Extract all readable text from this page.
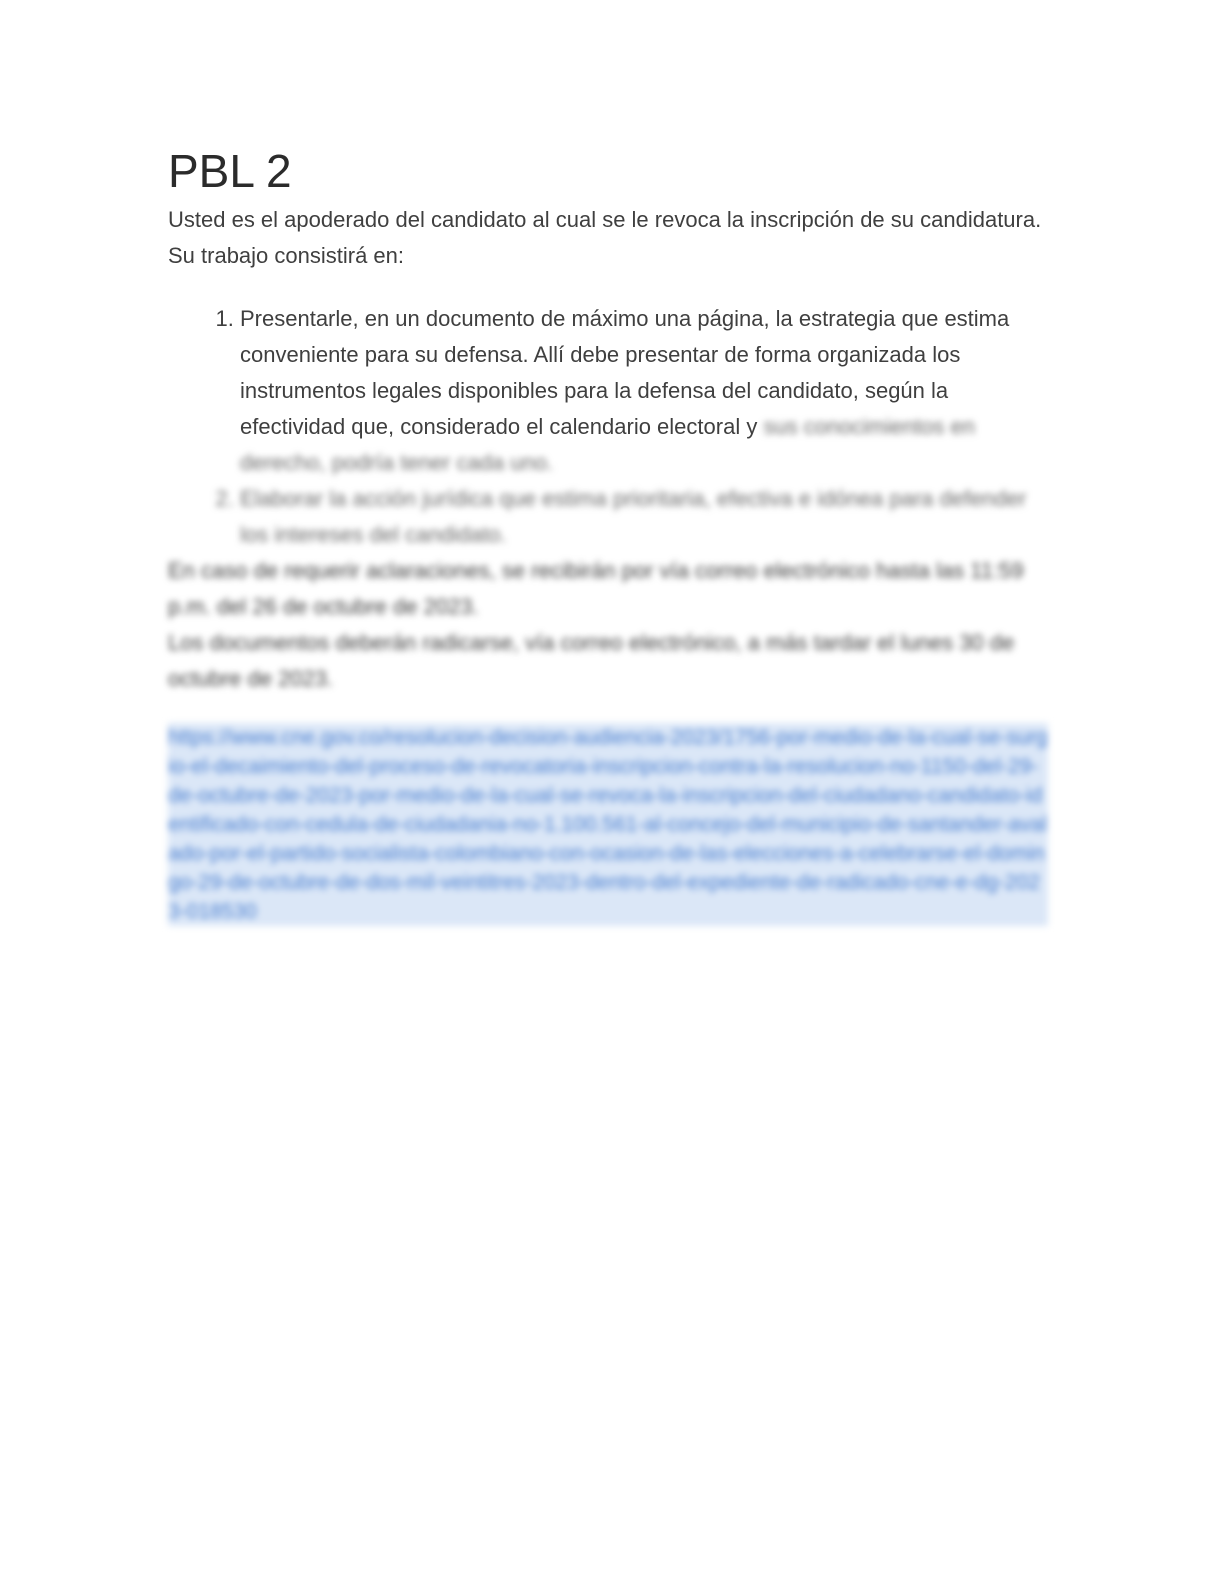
PBL 2

Usted es el apoderado del candidato al cual se le revoca la inscripción de su candidatura.

Su trabajo consistirá en:

1. Presentarle, en un documento de máximo una página, la estrategia que estima conveniente para su defensa. Allí debe presentar de forma organizada los instrumentos legales disponibles para la defensa del candidato, según la efectividad que, considerado el calendario electoral y sus conocimientos en derecho, podría tener cada uno.
2. Elaborar la acción jurídica que estima prioritaria, efectiva e idónea para defender los intereses del candidato.

En caso de requerir aclaraciones, se recibirán por vía correo electrónico hasta las 11:59 p.m. del 26 de octubre de 2023.

Los documentos deberán radicarse, vía correo electrónico, a más tardar el lunes 30 de octubre de 2023.

https://www.cne.gov.co/resolucion-decision-audiencia-2023/1756-por-medio-de-la-cual-se-surgio-el-decaimiento-del-proceso-de-revocatoria-inscripcion-contra-la-resolucion-no-1150-del-29-de-octubre-de-2023-por-medio-de-la-cual-se-revoca-la-inscripcion-del-ciudadano-candidato-identificado-con-cedula-de-ciudadania-no-1.100.561-al-concejo-del-municipio-de-santander-avalado-por-el-partido-socialista-colombiano-con-ocasion-de-las-elecciones-a-celebrarse-el-domingo-29-de-octubre-de-dos-mil-veintitres-2023-dentro-del-expediente-de-radicado-cne-e-dg-2023-018530
